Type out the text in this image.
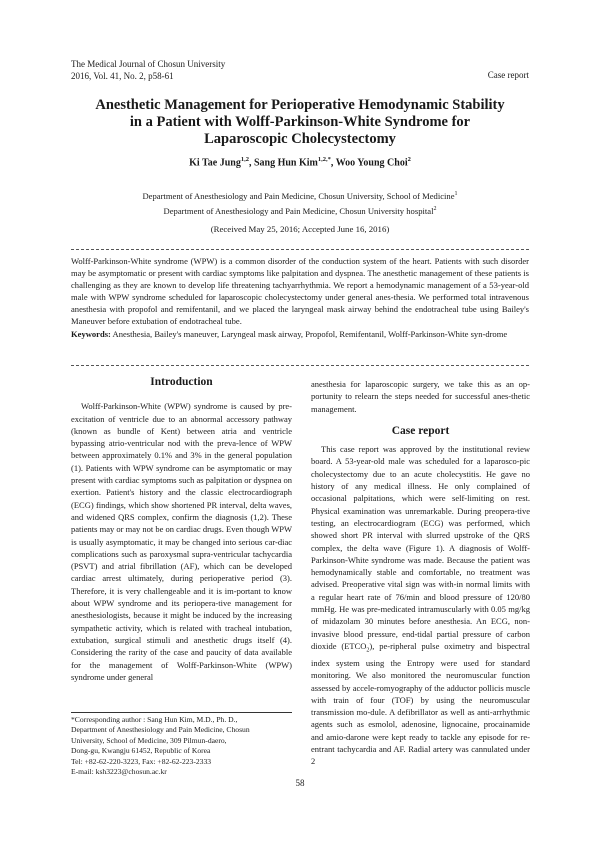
The Medical Journal of Chosun University
2016, Vol. 41, No. 2, p58-61	Case report
Anesthetic Management for Perioperative Hemodynamic Stability
in a Patient with Wolff-Parkinson-White Syndrome for
Laparoscopic Cholecystectomy
Ki Tae Jung$^{1,2}$, Sang Hun Kim$^{1,2,*}$, Woo Young Choi$^2$
Department of Anesthesiology and Pain Medicine, Chosun University, School of Medicine$^1$
Department of Anesthesiology and Pain Medicine, Chosun University hospital$^2$
(Received May 25, 2016; Accepted June 16, 2016)
Wolff-Parkinson-White syndrome (WPW) is a common disorder of the conduction system of the heart. Patients with such disorder may be asymptomatic or present with cardiac symptoms like palpitation and dyspnea. The anesthetic management of these patients is challenging as they are known to develop life threatening tachyarrhythmia. We report a hemodynamic management of a 53-year-old male with WPW syndrome scheduled for laparoscopic cholecystectomy under general anes-thesia. We performed total intravenous anesthesia with propofol and remifentanil, and we placed the laryngeal mask airway behind the endotracheal tube using Bailey's Maneuver before extubation of endotracheal tube.
Keywords: Anesthesia, Bailey's maneuver, Laryngeal mask airway, Propofol, Remifentanil, Wolff-Parkinson-White syn-drome
Introduction

Wolff-Parkinson-White (WPW) syndrome is caused by pre-excitation of ventricle due to an abnormal accessory pathway (known as bundle of Kent) between atria and ventricle bypassing atrio-ventricular nod with the preva-lence of WPW between approximately 0.1% and 3% in the general population (1). Patients with WPW syndrome can be asymptomatic or may present with cardiac symptoms such as palpitation or dyspnea on exertion. Patient's history and the classic electrocardiograph (ECG) findings, which show shortened PR interval, delta waves, and widened QRS complex, confirm the diagnosis (1,2). These patients may or may not be on cardiac drugs. Even though WPW is usually asymptomatic, it may be changed into serious car-diac complications such as paroxysmal supra-ventricular tachycardia (PSVT) and atrial fibrillation (AF), which can be developed cardiac arrest ultimately, during perioperative period (3). Therefore, it is very challengeable and it is im-portant to know about WPW syndrome and its periopera-tive management for anesthesiologists, because it might be induced by the increasing sympathetic activity, which is related with tracheal intubation, extubation, surgical stimuli and anesthetic drugs itself (4). Considering the rarity of the case and paucity of data available for the management of Wolff-Parkinson-White (WPW) syndrome under general

anesthesia for laparoscopic surgery, we take this as an op-portunity to relearn the steps needed for successful anes-thetic management.

Case report

This case report was approved by the institutional review board. A 53-year-old male was scheduled for a laparosco-pic cholecystectomy due to an acute cholecystitis. He gave no history of any medical illness. He only complained of occasional palpitations, which were self-limiting on rest. Physical examination was unremarkable. During preopera-tive testing, an electrocardiogram (ECG) was performed, which showed short PR interval with slurred upstroke of the QRS complex, the delta wave (Figure 1). A diagnosis of Wolff-Parkinson-White syndrome was made. Because the patient was hemodynamically stable and comfortable, no treatment was advised. Preoperative vital sign was with-in normal limits with a regular heart rate of 76/min and blood pressure of 120/80 mmHg. He was pre-medicated intramuscularly with 0.05 mg/kg of midazolam 30 minutes before anesthesia. An ECG, non-invasive blood pressure, end-tidal partial pressure of carbon dioxide $(ETCO_2)$, pe-ripheral pulse oximetry and bispectral index system using the Entropy were used for standard monitoring. We also monitored the neuromuscular function assessed by accele-romyography of the adductor pollicis muscle with train of four (TOF) by using the neuromuscular transmission mo-dule. A defibrillator as well as anti-arrhythmic agents such as esmolol, adenosine, lignocaine, procainamide and amio-darone were kept ready to tackle any episode for re-entrant tachycardia and AF. Radial artery was cannulated under 2

*Corresponding author : Sang Hun Kim, M.D., Ph. D.,
Department of Anesthesiology and Pain Medicine, Chosun
University, School of Medicine, 309 Pilmun-daero,
Dong-gu, Kwangju 61452, Republic of Korea
Tel: +82-62-220-3223, Fax: +82-62-223-2333
E-mail: ksh3223@chosun.ac.kr
58
